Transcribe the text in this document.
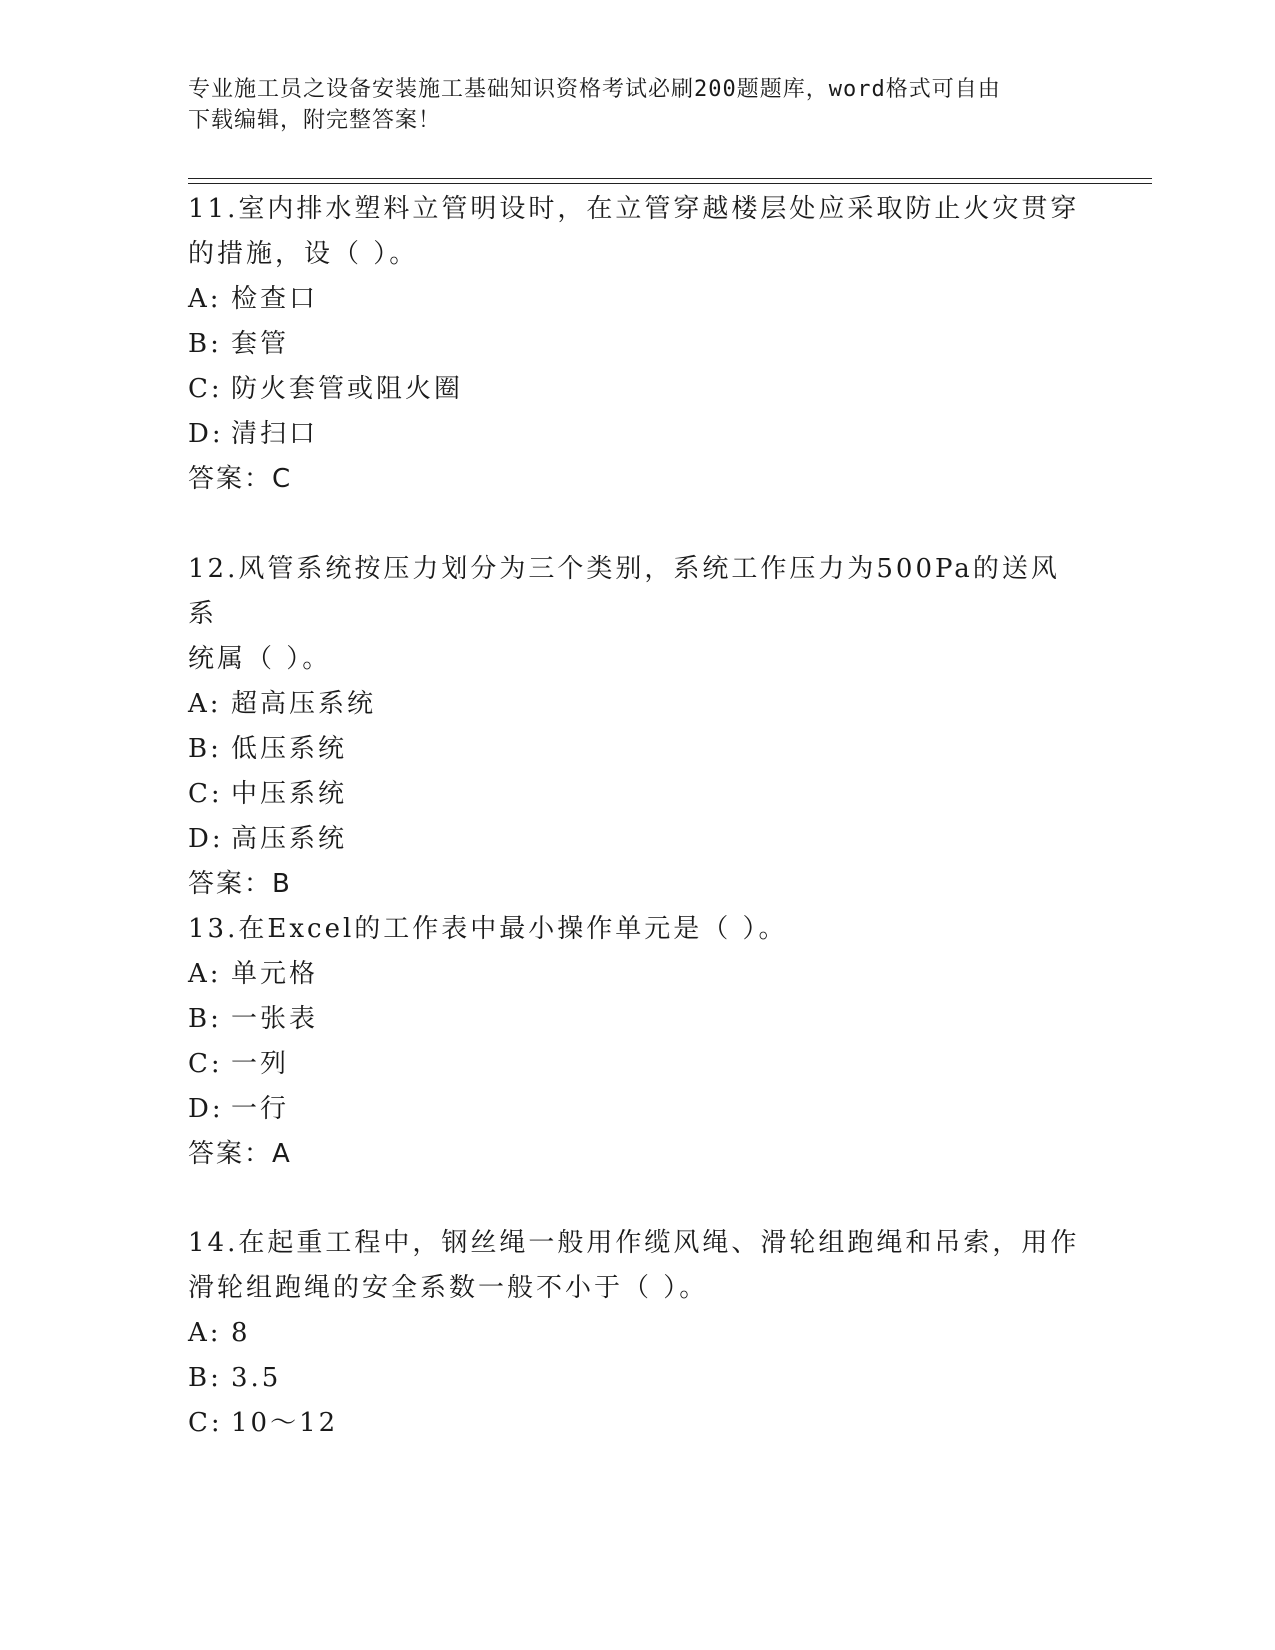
专业施工员之设备安装施工基础知识资格考试必刷200题题库，word格式可自由
下载编辑，附完整答案！

11.室内排水塑料立管明设时，在立管穿越楼层处应采取防止火灾贯穿

的措施，设（ ）。

A: 检查口

B: 套管

C: 防火套管或阻火圈

D: 清扫口

答案：C

12.风管系统按压力划分为三个类别，系统工作压力为500Pa的送风系

统属（ ）。

A: 超高压系统

B: 低压系统

C: 中压系统

D: 高压系统

答案：B

13.在Excel的工作表中最小操作单元是（ ）。

A: 单元格

B: 一张表

C: 一列

D: 一行

答案：A

14.在起重工程中，钢丝绳一般用作缆风绳、滑轮组跑绳和吊索，用作

滑轮组跑绳的安全系数一般不小于（ ）。

A: 8

B: 3.5

C: 10～12
